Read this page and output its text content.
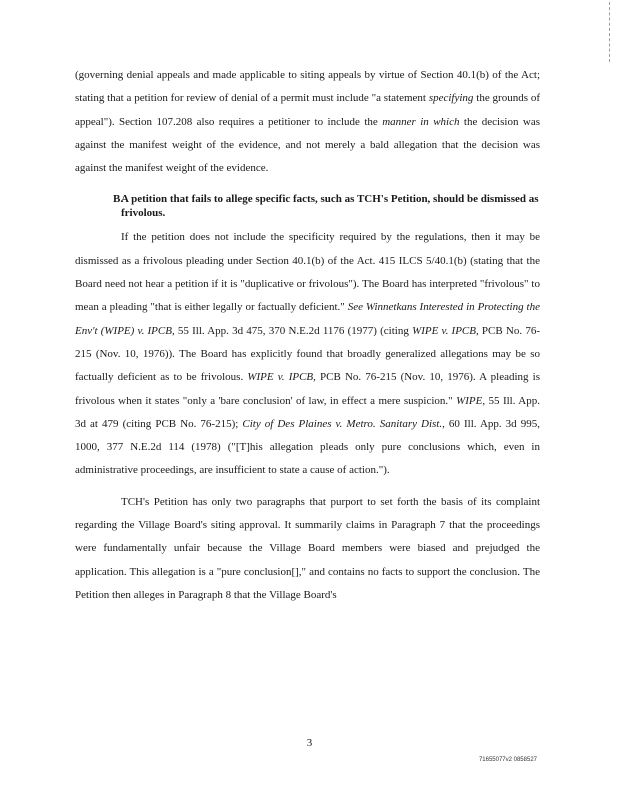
(governing denial appeals and made applicable to siting appeals by virtue of Section 40.1(b) of the Act; stating that a petition for review of denial of a permit must include "a statement specifying the grounds of appeal"). Section 107.208 also requires a petitioner to include the manner in which the decision was against the manifest weight of the evidence, and not merely a bald allegation that the decision was against the manifest weight of the evidence.

B.
A petition that fails to allege specific facts, such as TCH's Petition, should be dismissed as frivolous.

If the petition does not include the specificity required by the regulations, then it may be dismissed as a frivolous pleading under Section 40.1(b) of the Act. 415 ILCS 5/40.1(b) (stating that the Board need not hear a petition if it is "duplicative or frivolous"). The Board has interpreted "frivolous" to mean a pleading "that is either legally or factually deficient." See Winnetkans Interested in Protecting the Env't (WIPE) v. IPCB, 55 Ill. App. 3d 475, 370 N.E.2d 1176 (1977) (citing WIPE v. IPCB, PCB No. 76-215 (Nov. 10, 1976)). The Board has explicitly found that broadly generalized allegations may be so factually deficient as to be frivolous. WIPE v. IPCB, PCB No. 76-215 (Nov. 10, 1976). A pleading is frivolous when it states "only a 'bare conclusion' of law, in effect a mere suspicion." WIPE, 55 Ill. App. 3d at 479 (citing PCB No. 76-215); City of Des Plaines v. Metro. Sanitary Dist., 60 Ill. App. 3d 995, 1000, 377 N.E.2d 114 (1978) ("[T]his allegation pleads only pure conclusions which, even in administrative proceedings, are insufficient to state a cause of action.").

TCH's Petition has only two paragraphs that purport to set forth the basis of its complaint regarding the Village Board's siting approval. It summarily claims in Paragraph 7 that the proceedings were fundamentally unfair because the Village Board members were biased and prejudged the application. This allegation is a "pure conclusion[]," and contains no facts to support the conclusion. The Petition then alleges in Paragraph 8 that the Village Board's

3
71655077v2 0858527
